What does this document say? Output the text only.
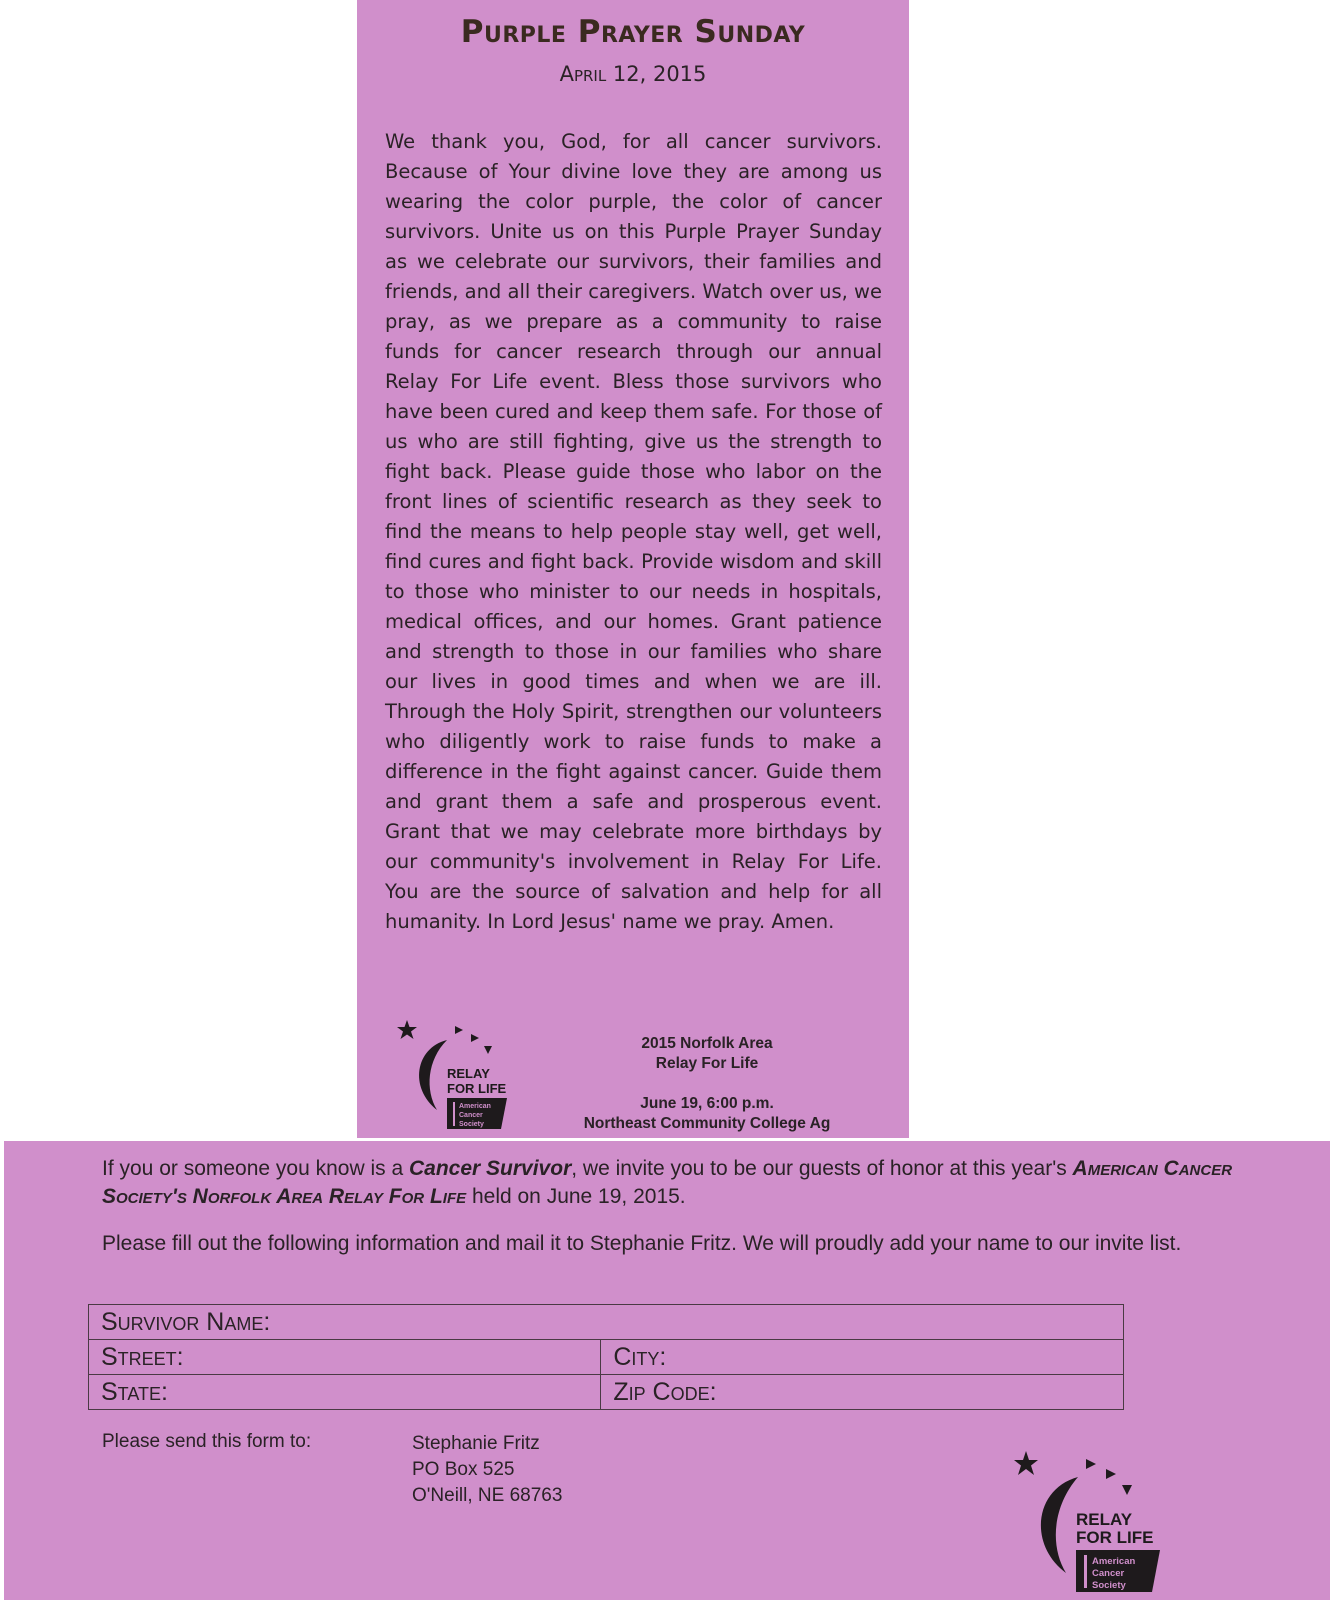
Purple Prayer Sunday
April 12, 2015

We thank you, God, for all cancer survivors. Because of Your divine love they are among us wearing the color purple, the color of cancer survivors. Unite us on this Purple Prayer Sunday as we celebrate our survivors, their families and friends, and all their caregivers. Watch over us, we pray, as we prepare as a community to raise funds for cancer research through our annual Relay For Life event. Bless those survivors who have been cured and keep them safe. For those of us who are still fighting, give us the strength to fight back. Please guide those who labor on the front lines of scientific research as they seek to find the means to help people stay well, get well, find cures and fight back. Provide wisdom and skill to those who minister to our needs in hospitals, medical offices, and our homes. Grant patience and strength to those in our families who share our lives in good times and when we are ill. Through the Holy Spirit, strengthen our volunteers who diligently work to raise funds to make a difference in the fight against cancer. Guide them and grant them a safe and prosperous event. Grant that we may celebrate more birthdays by our community's involvement in Relay For Life. You are the source of salvation and help for all humanity. In Lord Jesus' name we pray. Amen.

RELAY
FOR LIFE
American
Cancer
Society
2015 Norfolk Area
Relay For Life
June 19, 6:00 p.m.
Northeast Community College Ag

If you or someone you know is a Cancer Survivor, we invite you to be our guests of honor at this year's American Cancer Society's Norfolk Area Relay For Life held on June 19, 2015.

Please fill out the following information and mail it to Stephanie Fritz. We will proudly add your name to our invite list.

Survivor Name:	
Street:	City:
State:	Zip Code:
Please send this form to:	Stephanie Fritz
PO Box 525
O'Neill, NE 68763
RELAY
FOR LIFE
American
Cancer
Society
